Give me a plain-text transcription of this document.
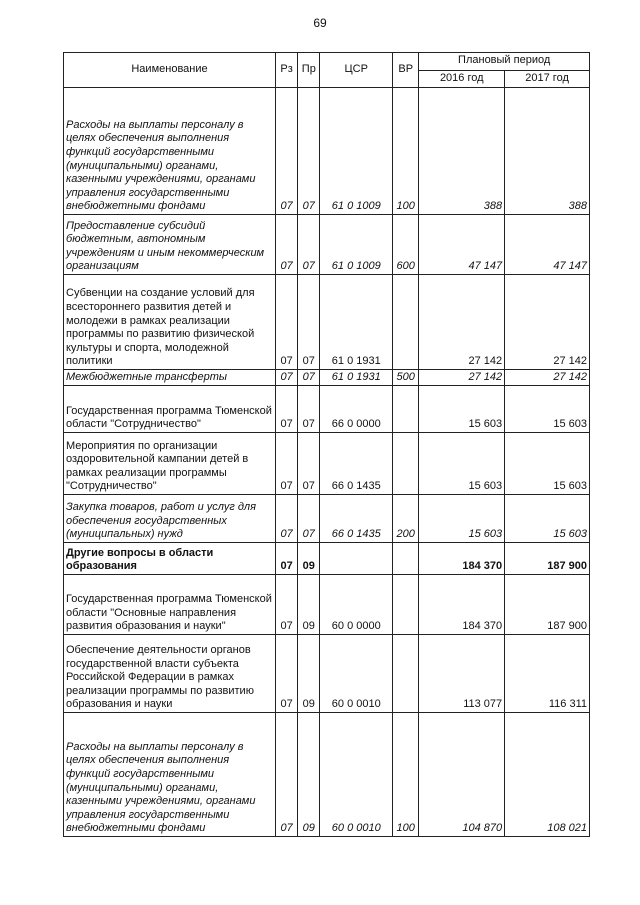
69
Наименование	Рз	Пр	ЦСР	ВР	Плановый период	
					2016 год	2017 год
Расходы на выплаты персоналу в целях обеспечения выполнения функций государственными (муниципальными) органами, казенными учреждениями, органами управления государственными внебюджетными фондами	07	07	61 0 1009	100	388	388
Предоставление субсидий бюджетным, автономным учреждениям и иным некоммерческим организациям	07	07	61 0 1009	600	47 147	47 147
Субвенции на создание условий для всестороннего развития детей и молодежи в рамках реализации программы по развитию физической культуры и спорта, молодежной политики	07	07	61 0 1931		27 142	27 142
Межбюджетные трансферты	07	07	61 0 1931	500	27 142	27 142
Государственная программа Тюменской области "Сотрудничество"	07	07	66 0 0000		15 603	15 603
Мероприятия по организации оздоровительной кампании детей в рамках реализации программы "Сотрудничество"	07	07	66 0 1435		15 603	15 603
Закупка товаров, работ и услуг для обеспечения государственных (муниципальных) нужд	07	07	66 0 1435	200	15 603	15 603
Другие вопросы в области образования	07	09			184 370	187 900
Государственная программа Тюменской области "Основные направления развития образования и науки"	07	09	60 0 0000		184 370	187 900
Обеспечение деятельности органов государственной власти субъекта Российской Федерации в рамках реализации программы по развитию образования и науки	07	09	60 0 0010		113 077	116 311
Расходы на выплаты персоналу в целях обеспечения выполнения функций государственными (муниципальными) органами, казенными учреждениями, органами управления государственными внебюджетными фондами	07	09	60 0 0010	100	104 870	108 021
